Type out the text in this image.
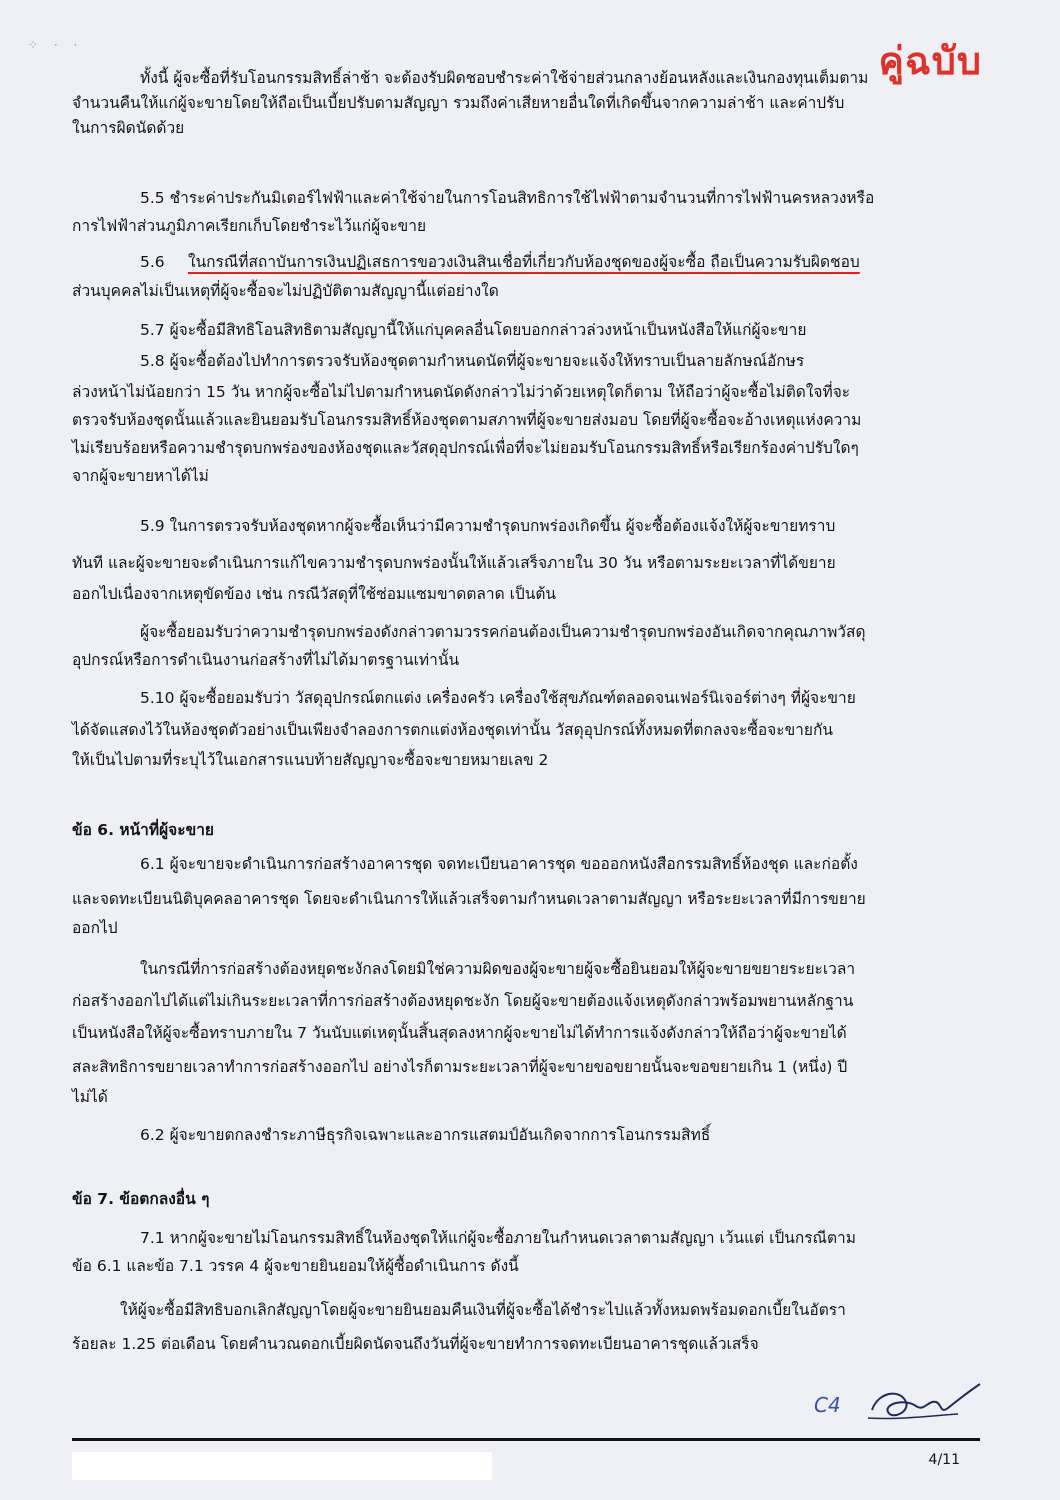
⁘ · ·	คู่ฉบับ
ทั้งนี้ ผู้จะซื้อที่รับโอนกรรมสิทธิ์ล่าช้า จะต้องรับผิดชอบชำระค่าใช้จ่ายส่วนกลางย้อนหลังและเงินกองทุนเต็มตาม
จำนวนคืนให้แก่ผู้จะขายโดยให้ถือเป็นเบี้ยปรับตามสัญญา รวมถึงค่าเสียหายอื่นใดที่เกิดขึ้นจากความล่าช้า และค่าปรับ
ในการผิดนัดด้วย
5.5 ชำระค่าประกันมิเตอร์ไฟฟ้าและค่าใช้จ่ายในการโอนสิทธิการใช้ไฟฟ้าตามจำนวนที่การไฟฟ้านครหลวงหรือ
การไฟฟ้าส่วนภูมิภาคเรียกเก็บโดยชำระไว้แก่ผู้จะขาย
5.6 ในกรณีที่สถาบันการเงินปฏิเสธการขอวงเงินสินเชื่อที่เกี่ยวกับห้องชุดของผู้จะซื้อ ถือเป็นความรับผิดชอบ
ส่วนบุคคลไม่เป็นเหตุที่ผู้จะซื้อจะไม่ปฏิบัติตามสัญญานี้แต่อย่างใด
5.7 ผู้จะซื้อมีสิทธิโอนสิทธิตามสัญญานี้ให้แก่บุคคลอื่นโดยบอกกล่าวล่วงหน้าเป็นหนังสือให้แก่ผู้จะขาย
5.8 ผู้จะซื้อต้องไปทำการตรวจรับห้องชุดตามกำหนดนัดที่ผู้จะขายจะแจ้งให้ทราบเป็นลายลักษณ์อักษร
ล่วงหน้าไม่น้อยกว่า 15 วัน หากผู้จะซื้อไม่ไปตามกำหนดนัดดังกล่าวไม่ว่าด้วยเหตุใดก็ตาม ให้ถือว่าผู้จะซื้อไม่ติดใจที่จะ
ตรวจรับห้องชุดนั้นแล้วและยินยอมรับโอนกรรมสิทธิ์ห้องชุดตามสภาพที่ผู้จะขายส่งมอบ โดยที่ผู้จะซื้อจะอ้างเหตุแห่งความ
ไม่เรียบร้อยหรือความชำรุดบกพร่องของห้องชุดและวัสดุอุปกรณ์เพื่อที่จะไม่ยอมรับโอนกรรมสิทธิ์หรือเรียกร้องค่าปรับใดๆ
จากผู้จะขายหาได้ไม่
5.9 ในการตรวจรับห้องชุดหากผู้จะซื้อเห็นว่ามีความชำรุดบกพร่องเกิดขึ้น ผู้จะซื้อต้องแจ้งให้ผู้จะขายทราบ
ทันที และผู้จะขายจะดำเนินการแก้ไขความชำรุดบกพร่องนั้นให้แล้วเสร็จภายใน 30 วัน หรือตามระยะเวลาที่ได้ขยาย
ออกไปเนื่องจากเหตุขัดข้อง เช่น กรณีวัสดุที่ใช้ซ่อมแซมขาดตลาด เป็นต้น
ผู้จะซื้อยอมรับว่าความชำรุดบกพร่องดังกล่าวตามวรรคก่อนต้องเป็นความชำรุดบกพร่องอันเกิดจากคุณภาพวัสดุ
อุปกรณ์หรือการดำเนินงานก่อสร้างที่ไม่ได้มาตรฐานเท่านั้น
5.10 ผู้จะซื้อยอมรับว่า วัสดุอุปกรณ์ตกแต่ง เครื่องครัว เครื่องใช้สุขภัณฑ์ตลอดจนเฟอร์นิเจอร์ต่างๆ ที่ผู้จะขาย
ได้จัดแสดงไว้ในห้องชุดตัวอย่างเป็นเพียงจำลองการตกแต่งห้องชุดเท่านั้น วัสดุอุปกรณ์ทั้งหมดที่ตกลงจะซื้อจะขายกัน
ให้เป็นไปตามที่ระบุไว้ในเอกสารแนบท้ายสัญญาจะซื้อจะขายหมายเลข 2
ข้อ 6. หน้าที่ผู้จะขาย
6.1 ผู้จะขายจะดำเนินการก่อสร้างอาคารชุด จดทะเบียนอาคารชุด ขอออกหนังสือกรรมสิทธิ์ห้องชุด และก่อตั้ง
และจดทะเบียนนิติบุคคลอาคารชุด โดยจะดำเนินการให้แล้วเสร็จตามกำหนดเวลาตามสัญญา หรือระยะเวลาที่มีการขยาย
ออกไป
ในกรณีที่การก่อสร้างต้องหยุดชะงักลงโดยมิใช่ความผิดของผู้จะขายผู้จะซื้อยินยอมให้ผู้จะขายขยายระยะเวลา
ก่อสร้างออกไปได้แต่ไม่เกินระยะเวลาที่การก่อสร้างต้องหยุดชะงัก โดยผู้จะขายต้องแจ้งเหตุดังกล่าวพร้อมพยานหลักฐาน
เป็นหนังสือให้ผู้จะซื้อทราบภายใน 7 วันนับแต่เหตุนั้นสิ้นสุดลงหากผู้จะขายไม่ได้ทำการแจ้งดังกล่าวให้ถือว่าผู้จะขายได้
สละสิทธิการขยายเวลาทำการก่อสร้างออกไป อย่างไรก็ตามระยะเวลาที่ผู้จะขายขอขยายนั้นจะขอขยายเกิน 1 (หนึ่ง) ปี
ไม่ได้
6.2 ผู้จะขายตกลงชำระภาษีธุรกิจเฉพาะและอากรแสตมป์อันเกิดจากการโอนกรรมสิทธิ์
ข้อ 7. ข้อตกลงอื่น ๆ
7.1 หากผู้จะขายไม่โอนกรรมสิทธิ์ในห้องชุดให้แก่ผู้จะซื้อภายในกำหนดเวลาตามสัญญา เว้นแต่ เป็นกรณีตาม
ข้อ 6.1 และข้อ 7.1 วรรค 4 ผู้จะขายยินยอมให้ผู้ซื้อดำเนินการ ดังนี้
ให้ผู้จะซื้อมีสิทธิบอกเลิกสัญญาโดยผู้จะขายยินยอมคืนเงินที่ผู้จะซื้อได้ชำระไปแล้วทั้งหมดพร้อมดอกเบี้ยในอัตรา
ร้อยละ 1.25 ต่อเดือน โดยคำนวณดอกเบี้ยผิดนัดจนถึงวันที่ผู้จะขายทำการจดทะเบียนอาคารชุดแล้วเสร็จ
C4
4/11
